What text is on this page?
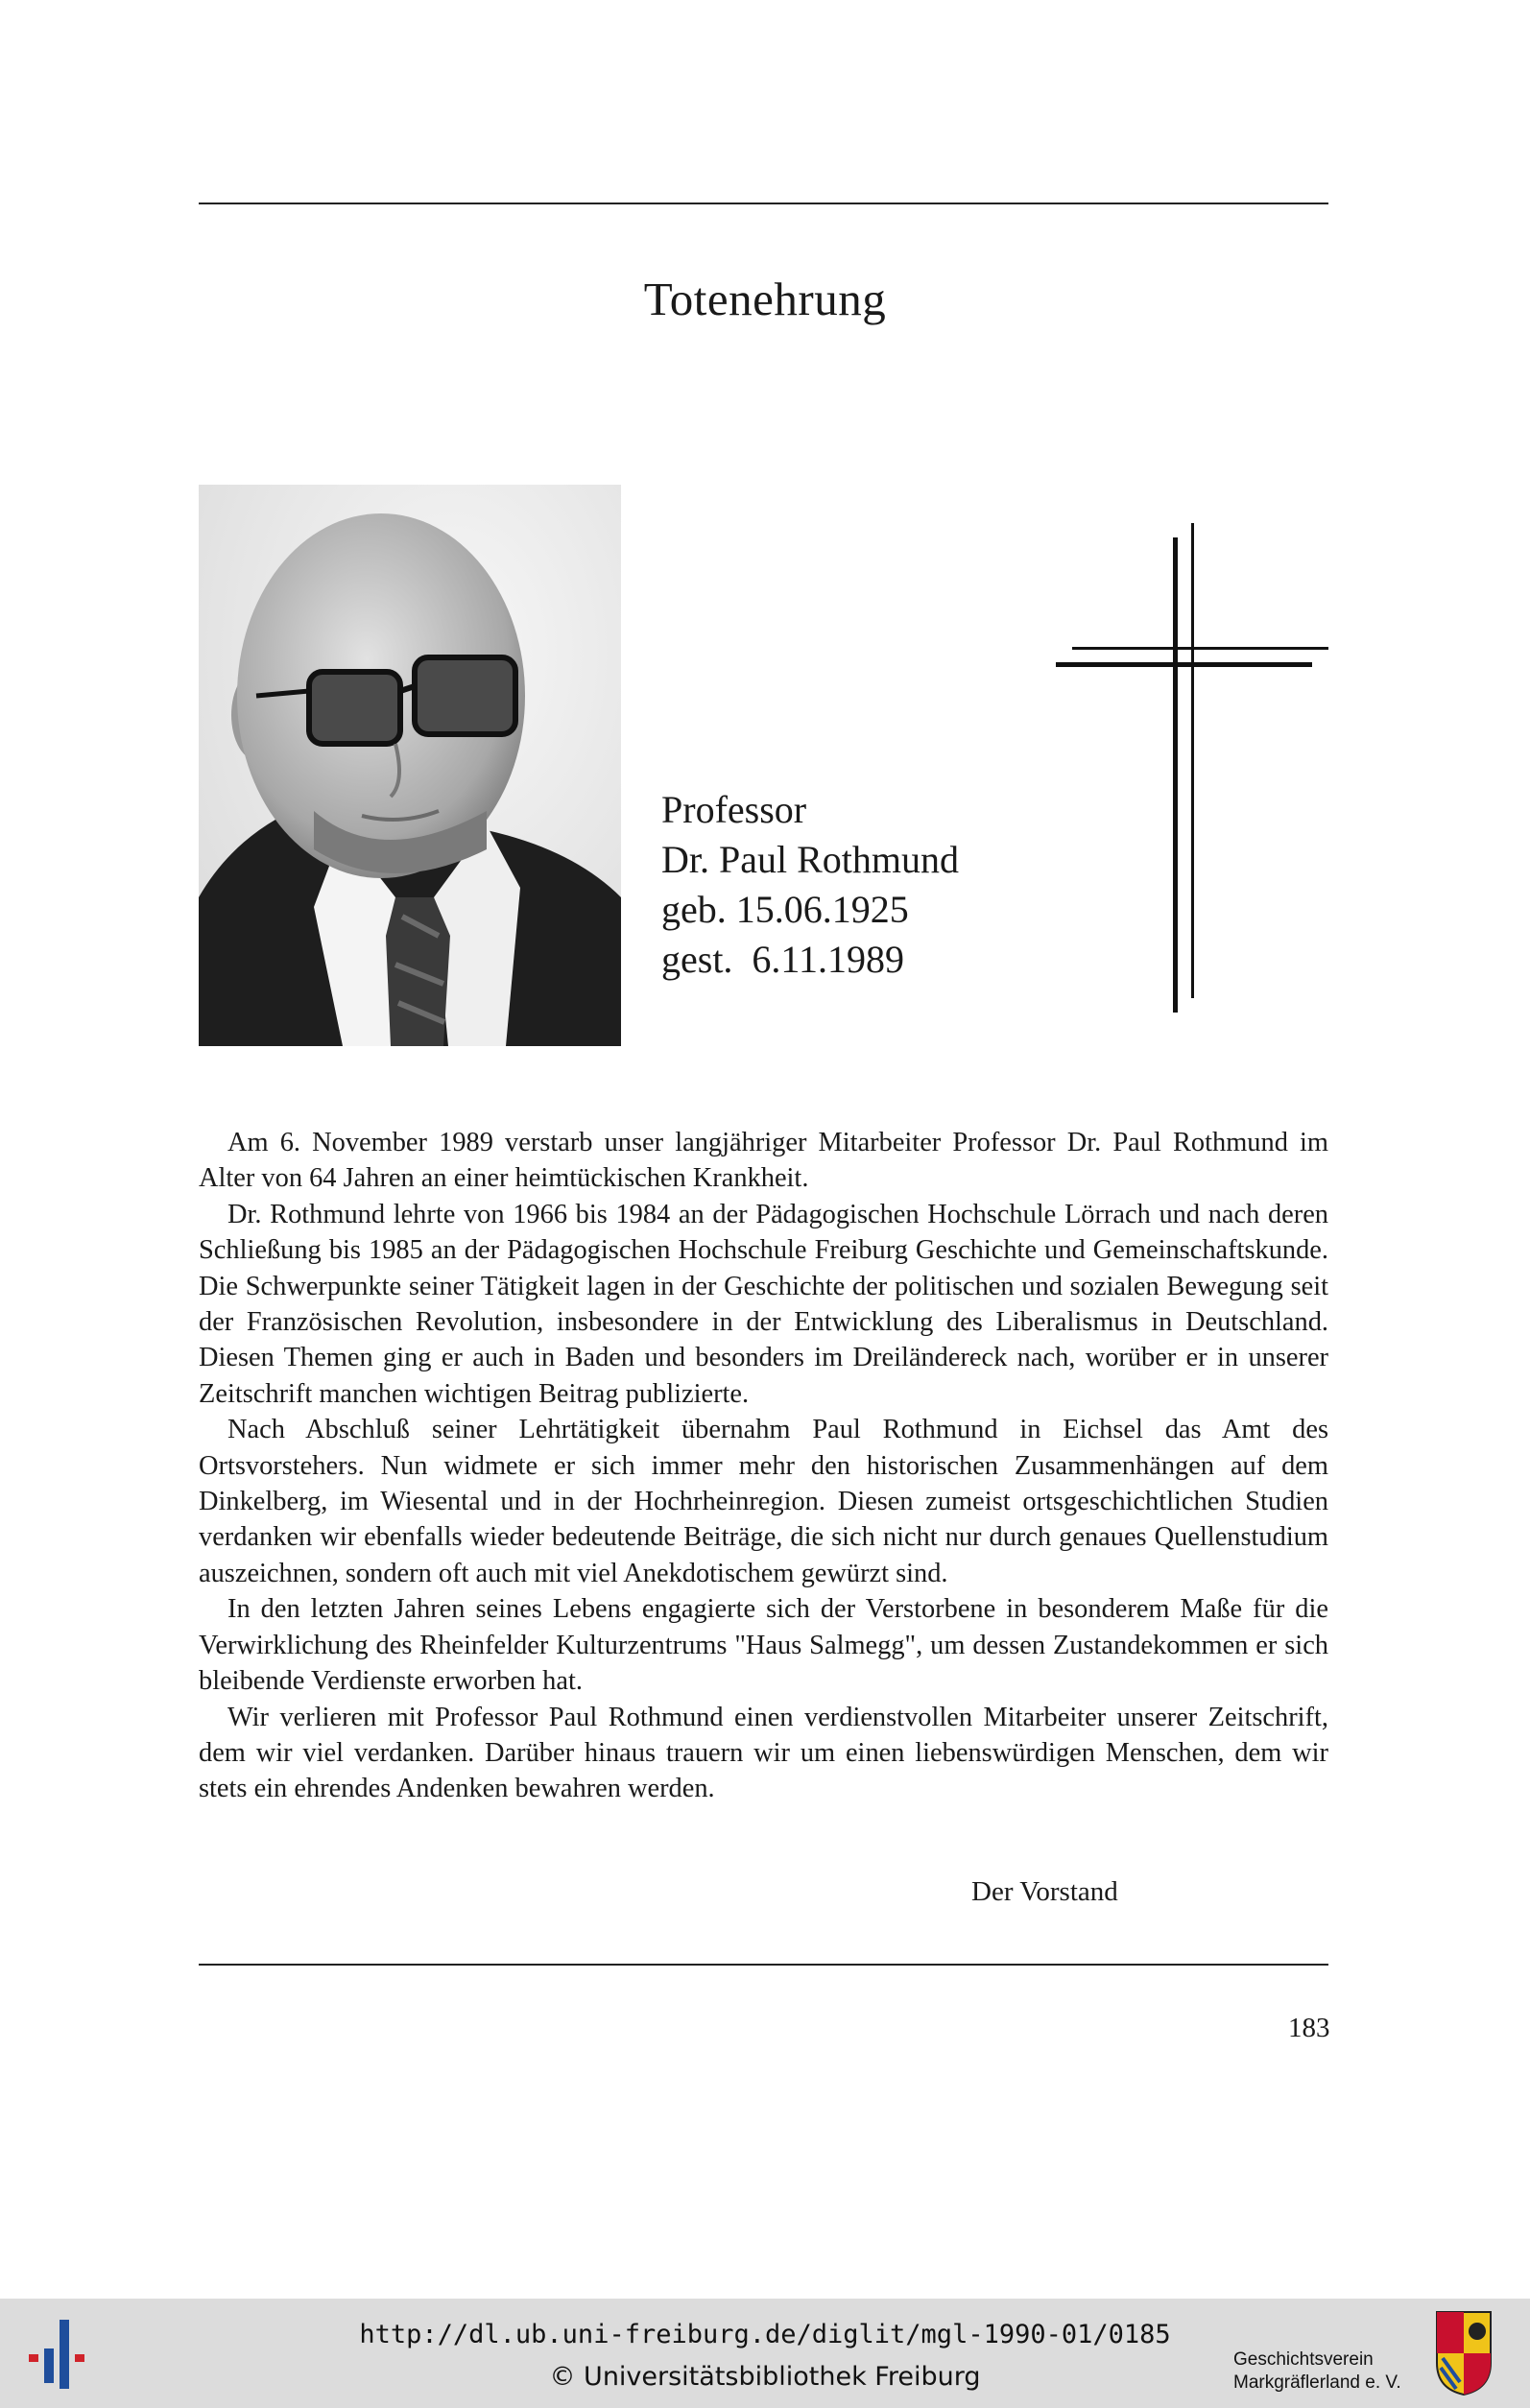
Totenehrung
Professor
Dr. Paul Rothmund
geb. 15.06.1925
gest.  6.11.1989

Am 6. November 1989 verstarb unser langjähriger Mitarbeiter Professor Dr. Paul Rothmund im Alter von 64 Jahren an einer heimtückischen Krankheit.

Dr. Rothmund lehrte von 1966 bis 1984 an der Pädagogischen Hochschule Lörrach und nach deren Schließung bis 1985 an der Pädagogischen Hochschule Freiburg Geschichte und Gemeinschaftskunde. Die Schwerpunkte seiner Tätigkeit lagen in der Geschichte der politischen und sozialen Bewegung seit der Französischen Revolution, insbesondere in der Entwicklung des Liberalismus in Deutschland. Diesen Themen ging er auch in Baden und besonders im Dreiländereck nach, worüber er in unserer Zeitschrift manchen wichtigen Beitrag publizierte.

Nach Abschluß seiner Lehrtätigkeit übernahm Paul Rothmund in Eichsel das Amt des Ortsvorstehers. Nun widmete er sich immer mehr den historischen Zusammenhängen auf dem Dinkelberg, im Wiesental und in der Hochrheinregion. Diesen zumeist ortsgeschichtlichen Studien verdanken wir ebenfalls wieder bedeutende Beiträge, die sich nicht nur durch genaues Quellenstudium auszeichnen, sondern oft auch mit viel Anekdotischem gewürzt sind.

In den letzten Jahren seines Lebens engagierte sich der Verstorbene in besonderem Maße für die Verwirklichung des Rheinfelder Kulturzentrums "Haus Salmegg", um dessen Zustandekommen er sich bleibende Verdienste erworben hat.

Wir verlieren mit Professor Paul Rothmund einen verdienstvollen Mitarbeiter unserer Zeitschrift, dem wir viel verdanken. Darüber hinaus trauern wir um einen liebenswürdigen Menschen, dem wir stets ein ehrendes Andenken bewahren werden.

Der Vorstand
183
http://dl.ub.uni-freiburg.de/diglit/mgl-1990-01/0185
© Universitätsbibliothek Freiburg
Geschichtsverein
Markgräflerland e. V.
